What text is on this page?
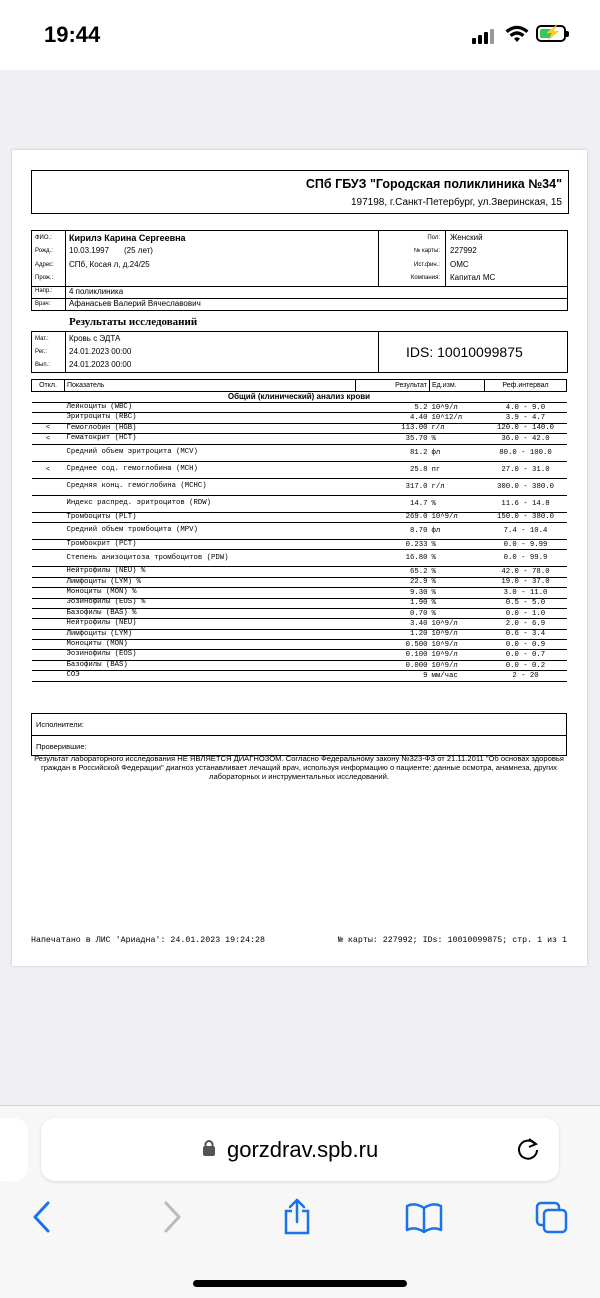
19:44	⚡
СПб ГБУЗ "Городская поликлиника №34"
197198, г.Санкт-Петербург, ул.Зверинская, 15
ФИО.: Кирилэ Карина Сергеевна
Рожд.: 10.03.1997 (25 лет)
Адрес: СПб, Косая л, д.24/25
Прож.:
Напр.: 4 поликлиника
Врач: Афанасьев Валерий Вячеславович
Пол: Женский
№ карты: 227992
Ист.фин.: ОМС
Компания: Капитал МС
Результаты исследований
Мат.:	Кровь с ЭДТА
Рег.:	24.01.2023 00:00
Вып.: 24.01.2023 00:00
IDS: 10010099875
Откл.	Показатель	Результат	Ед.изм.	Реф.интервал
Общий (клинический) анализ крови				
	Лейкоциты (WBC)	5.2	10^9/л	4.0 - 9.0
	Эритроциты (RBC)	4.40	10^12/л	3.9 - 4.7
<	Гемоглобин (HGB)	113.00	г/л	120.0 - 140.0
<	Гематокрит (HCT)	35.70	%	36.0 - 42.0
	Средний объем эритроцита (MCV)	81.2	фл	80.0 - 100.0
<	Среднее сод. гемоглобина (MCH)	25.8	пг	27.0 - 31.0
	Средняя конц. гемоглобина (MCHC)	317.0	г/л	300.0 - 380.0
	Индекс распред. эритроцитов (RDW)	14.7	%	11.6 - 14.8
	Тромбоциты (PLT)	269.0	10^9/л	150.0 - 380.0
	Средний объем тромбоцита (MPV)	8.70	фл	7.4 - 10.4
	Тромбокрит (PCT)	0.233	%	0.0 - 9.99
	Степень анизоцитоза тромбоцитов (PDW)	16.80	%	0.0 - 99.9
	Нейтрофилы (NEU) %	65.2	%	42.0 - 78.0
	Лимфоциты (LYM) %	22.9	%	19.0 - 37.0
	Моноциты (MON) %	9.30	%	3.0 - 11.0
	Эозинофилы (EOS) %	1.90	%	0.5 - 5.0
	Базофилы (BAS) %	0.70	%	0.0 - 1.0
	Нейтрофилы (NEU)	3.40	10^9/л	2.0 - 6.9
	Лимфоциты (LYM)	1.20	10^9/л	0.6 - 3.4
	Моноциты (MON)	0.500	10^9/л	0.0 - 0.9
	Эозинофилы (EOS)	0.100	10^9/л	0.0 - 0.7
	Базофилы (BAS)	0.000	10^9/л	0.0 - 0.2
	СОЭ	9	мм/час	2 - 20
Исполнители:
Проверившие:
Результат лабораторного исследования НЕ ЯВЛЯЕТСЯ ДИАГНОЗОМ. Согласно Федеральному закону №323-ФЗ от 21.11.2011 "Об основах здоровья граждан в Российской Федерации" диагноз устанавливает лечащий врач, используя информацию о пациенте: данные осмотра, анамнеза, других лабораторных и инструментальных исследований.
Напечатано в ЛИС 'Ариадна': 24.01.2023 19:24:28	№ карты: 227992; IDs: 10010099875; стр. 1 из 1
gorzdrav.spb.ru
